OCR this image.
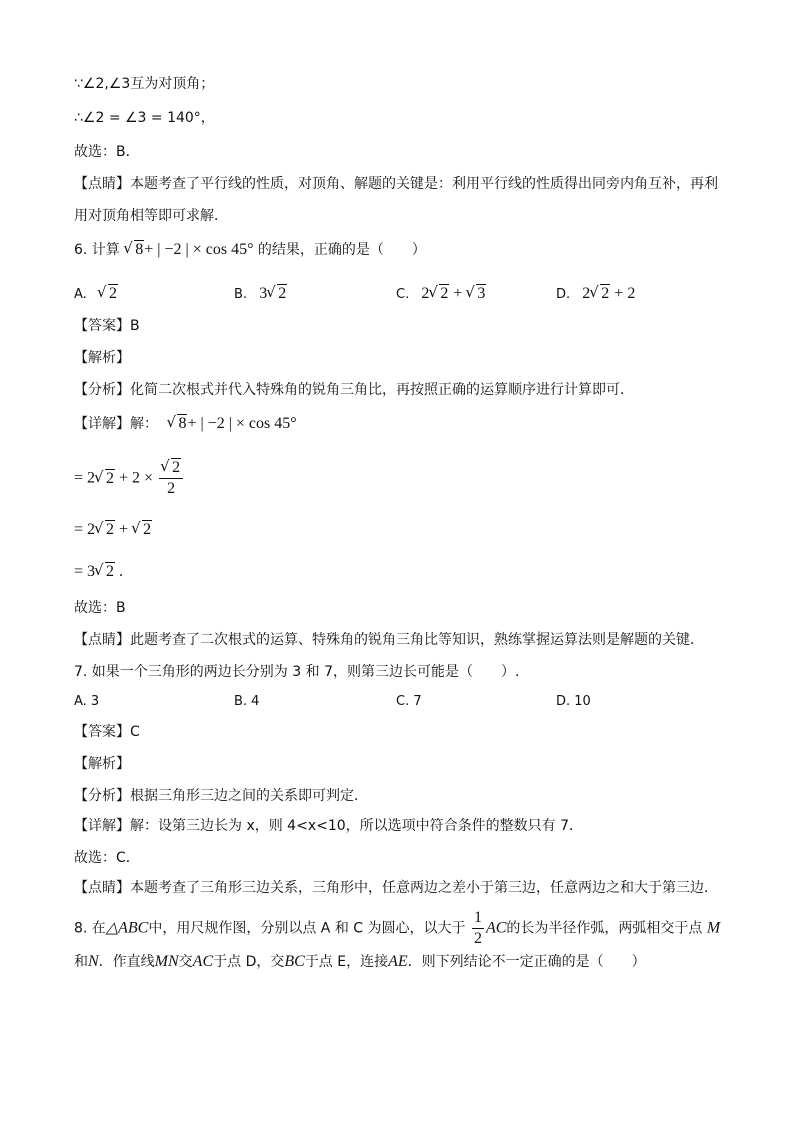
∵∠2,∠3互为对顶角；
∴∠2 = ∠3 = 140°，
故选：B．
【点睛】本题考查了平行线的性质，对顶角、解题的关键是：利用平行线的性质得出同旁内角互补，再利
用对顶角相等即可求解．
6. 计算 √ 8+ | −2 | × cos 45° 的结果，正确的是（　　）
A. √ 2	B. 3 √ 2	C. 2 √ 2 + √ 3	D. 2 √ 2 + 2
【答案】B
【解析】
【分析】化简二次根式并代入特殊角的锐角三角比，再按照正确的运算顺序进行计算即可．
【详解】解： √ 8+ | −2 | × cos 45°
= 2 √ 2 + 2 × √ $\frac{2}{2}$
= 2 √ 2 + √ 2
= 3 √ 2 .
故选：B
【点睛】此题考查了二次根式的运算、特殊角的锐角三角比等知识，熟练掌握运算法则是解题的关键．
7. 如果一个三角形的两边长分别为 3 和 7，则第三边长可能是（　　）.
A. 3	B. 4	C. 7	D. 10
【答案】C
【解析】
【分析】根据三角形三边之间的关系即可判定．
【详解】解：设第三边长为 x，则 4<x<10，所以选项中符合条件的整数只有 7．
故选：C．
【点睛】本题考查了三角形三边关系，三角形中，任意两边之差小于第三边，任意两边之和大于第三边．
8. 在△ABC中，用尺规作图，分别以点 A 和 C 为圆心，以大于 $\frac{1}{2}$ AC的长为半径作弧，两弧相交于点 M
和N．作直线MN交AC于点 D，交BC于点 E，连接AE．则下列结论不一定正确的是（　　）
